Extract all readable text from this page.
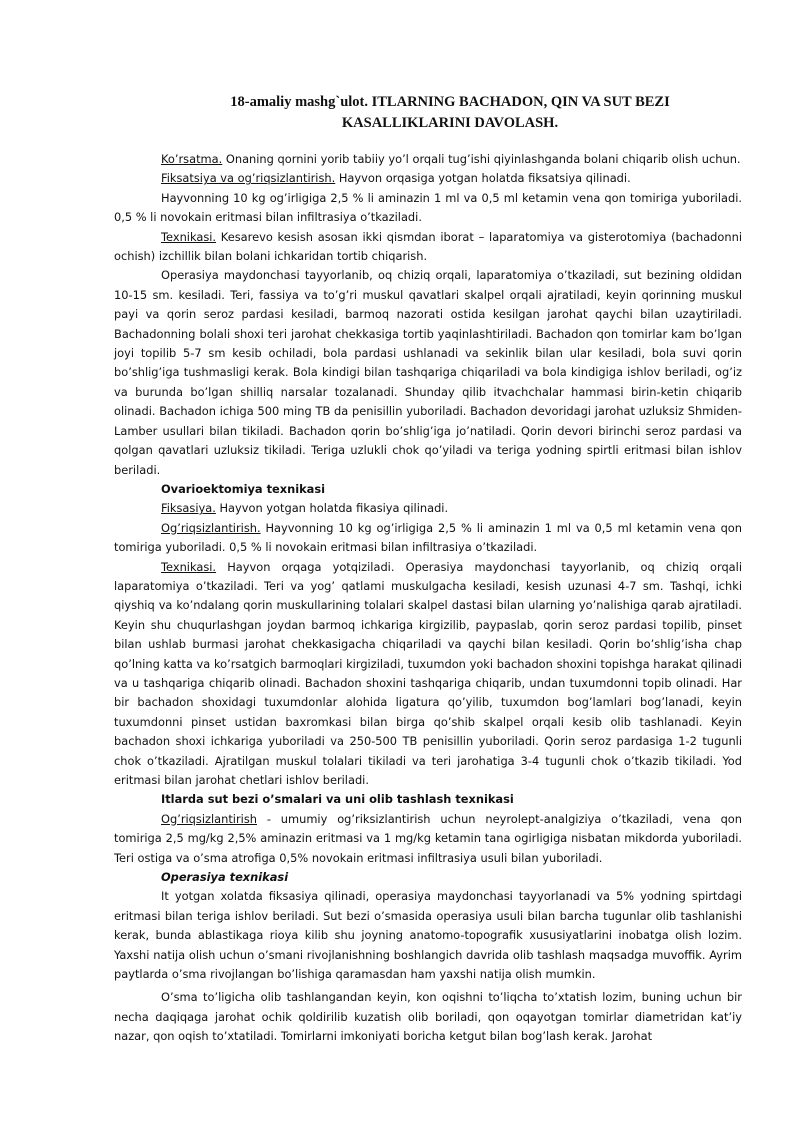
18-amaliy mashg`ulot. ITLARNING BACHADON, QIN VA SUT BEZI
KASALLIKLARINI DAVOLASH.

Ko’rsatma. Onaning qornini yorib tabiiy yo’l orqali tug’ishi qiyinlashganda bolani chiqarib olish uchun.

Fiksatsiya va og’riqsizlantirish. Hayvon orqasiga yotgan holatda fiksatsiya qilinadi.

Hayvonning 10 kg og’irligiga 2,5 % li aminazin 1 ml va 0,5 ml ketamin vena qon tomiriga yuboriladi. 0,5 % li novokain eritmasi bilan infiltrasiya o’tkaziladi.

Texnikasi. Kesarevo kesish asosan ikki qismdan iborat – laparatomiya va gisterotomiya (bachadonni ochish) izchillik bilan bolani ichkaridan tortib chiqarish.

Operasiya maydonchasi tayyorlanib, oq chiziq orqali, laparatomiya o’tkaziladi, sut bezining oldidan 10-15 sm. kesiladi. Teri, fassiya va to’g’ri muskul qavatlari skalpel orqali ajratiladi, keyin qorinning muskul payi va qorin seroz pardasi kesiladi, barmoq nazorati ostida kesilgan jarohat qaychi bilan uzaytiriladi. Bachadonning bolali shoxi teri jarohat chekkasiga tortib yaqinlashtiriladi. Bachadon qon tomirlar kam bo’lgan joyi topilib 5-7 sm kesib ochiladi, bola pardasi ushlanadi va sekinlik bilan ular kesiladi, bola suvi qorin bo’shlig’iga tushmasligi kerak. Bola kindigi bilan tashqariga chiqariladi va bola kindigiga ishlov beriladi, og’iz va burunda bo’lgan shilliq narsalar tozalanadi. Shunday qilib itvachchalar hammasi birin-ketin chiqarib olinadi. Bachadon ichiga 500 ming TB da penisillin yuboriladi. Bachadon devoridagi jarohat uzluksiz Shmiden-Lamber usullari bilan tikiladi. Bachadon qorin bo’shlig’iga jo’natiladi. Qorin devori birinchi seroz pardasi va qolgan qavatlari uzluksiz tikiladi. Teriga uzlukli chok qo’yiladi va teriga yodning spirtli eritmasi bilan ishlov beriladi.

Ovarioektomiya texnikasi

Fiksasiya. Hayvon yotgan holatda fikasiya qilinadi.

Og’riqsizlantirish. Hayvonning 10 kg og’irligiga 2,5 % li aminazin 1 ml va 0,5 ml ketamin vena qon tomiriga yuboriladi. 0,5 % li novokain eritmasi bilan infiltrasiya o’tkaziladi.

Texnikasi. Hayvon orqaga yotqiziladi. Operasiya maydonchasi tayyorlanib, oq chiziq orqali laparatomiya o’tkaziladi. Teri va yog’ qatlami muskulgacha kesiladi, kesish uzunasi 4-7 sm. Tashqi, ichki qiyshiq va ko’ndalang qorin muskullarining tolalari skalpel dastasi bilan ularning yo’nalishiga qarab ajratiladi. Keyin shu chuqurlashgan joydan barmoq ichkariga kirgizilib, paypaslab, qorin seroz pardasi topilib, pinset bilan ushlab burmasi jarohat chekkasigacha chiqariladi va qaychi bilan kesiladi. Qorin bo’shlig’isha chap qo’lning katta va ko’rsatgich barmoqlari kirgiziladi, tuxumdon yoki bachadon shoxini topishga harakat qilinadi va u tashqariga chiqarib olinadi. Bachadon shoxini tashqariga chiqarib, undan tuxumdonni topib olinadi. Har bir bachadon shoxidagi tuxumdonlar alohida ligatura qo’yilib, tuxumdon bog’lamlari bog’lanadi, keyin tuxumdonni pinset ustidan baxromkasi bilan birga qo’shib skalpel orqali kesib olib tashlanadi. Keyin bachadon shoxi ichkariga yuboriladi va 250-500 TB penisillin yuboriladi. Qorin seroz pardasiga 1-2 tugunli chok o’tkaziladi. Ajratilgan muskul tolalari tikiladi va teri jarohatiga 3-4 tugunli chok o’tkazib tikiladi. Yod eritmasi bilan jarohat chetlari ishlov beriladi.

Itlarda sut bezi o’smalari va uni olib tashlash texnikasi

Og’riqsizlantirish - umumiy og’riksizlantirish uchun neyrolept-analgiziya o’tkaziladi, vena qon tomiriga 2,5 mg/kg 2,5% aminazin eritmasi va 1 mg/kg ketamin tana ogirligiga nisbatan mikdorda yuboriladi. Teri ostiga va o’sma atrofiga 0,5% novokain eritmasi infiltrasiya usuli bilan yuboriladi.

Operasiya texnikasi

It yotgan xolatda fiksasiya qilinadi, operasiya maydonchasi tayyorlanadi va 5% yodning spirtdagi eritmasi bilan teriga ishlov beriladi. Sut bezi o’smasida operasiya usuli bilan barcha tugunlar olib tashlanishi kerak, bunda ablastikaga rioya kilib shu joyning anatomo-topografik xususiyatlarini inobatga olish lozim. Yaxshi natija olish uchun o’smani rivojlanishning boshlangich davrida olib tashlash maqsadga muvoffik. Ayrim paytlarda o’sma rivojlangan bo’lishiga qaramasdan ham yaxshi natija olish mumkin.

O’sma to’ligicha olib tashlangandan keyin, kon oqishni to’liqcha to’xtatish lozim, buning uchun bir necha daqiqaga jarohat ochik qoldirilib kuzatish olib boriladi, qon oqayotgan tomirlar diametridan kat’iy nazar, qon oqish to’xtatiladi. Tomirlarni imkoniyati boricha ketgut bilan bog’lash kerak. Jarohat
